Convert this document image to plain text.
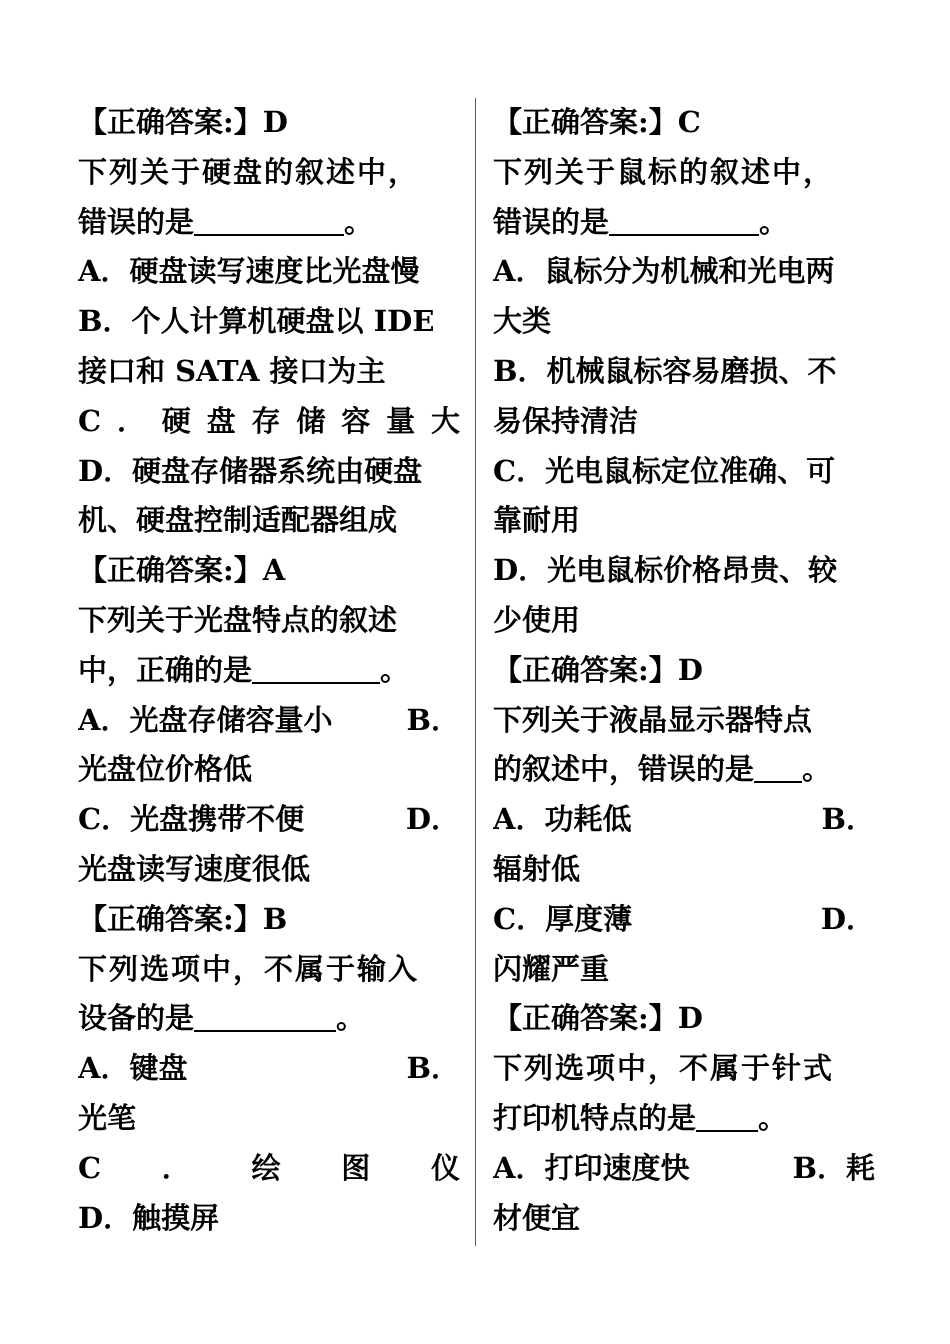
【正确答案:】D
下列关于硬盘的叙述中，
错误的是	。
A．硬盘读写速度比光盘慢
B．个人计算机硬盘以 IDE
接口和 SATA 接口为主
C ． 硬 盘 存 储 容 量 大
D．硬盘存储器系统由硬盘
机、硬盘控制适配器组成
【正确答案:】A
下列关于光盘特点的叙述
中，正确的是	。
A．光盘存储容量小	B．
光盘位价格低
C．光盘携带不便	D．
光盘读写速度很低
【正确答案:】B
下列选项中，不属于输入
设备的是	。
A．键盘	B．
光笔
C ． 绘 图 仪
D．触摸屏
【正确答案:】C
下列关于鼠标的叙述中，
错误的是	。
A．鼠标分为机械和光电两
大类
B．机械鼠标容易磨损、不
易保持清洁
C．光电鼠标定位准确、可
靠耐用
D．光电鼠标价格昂贵、较
少使用
【正确答案:】D
下列关于液晶显示器特点
的叙述中，错误的是 。
A．功耗低	B．
辐射低
C．厚度薄	D．
闪耀严重
【正确答案:】D
下列选项中，不属于针式
打印机特点的是 。
A．打印速度快	B．耗
材便宜
